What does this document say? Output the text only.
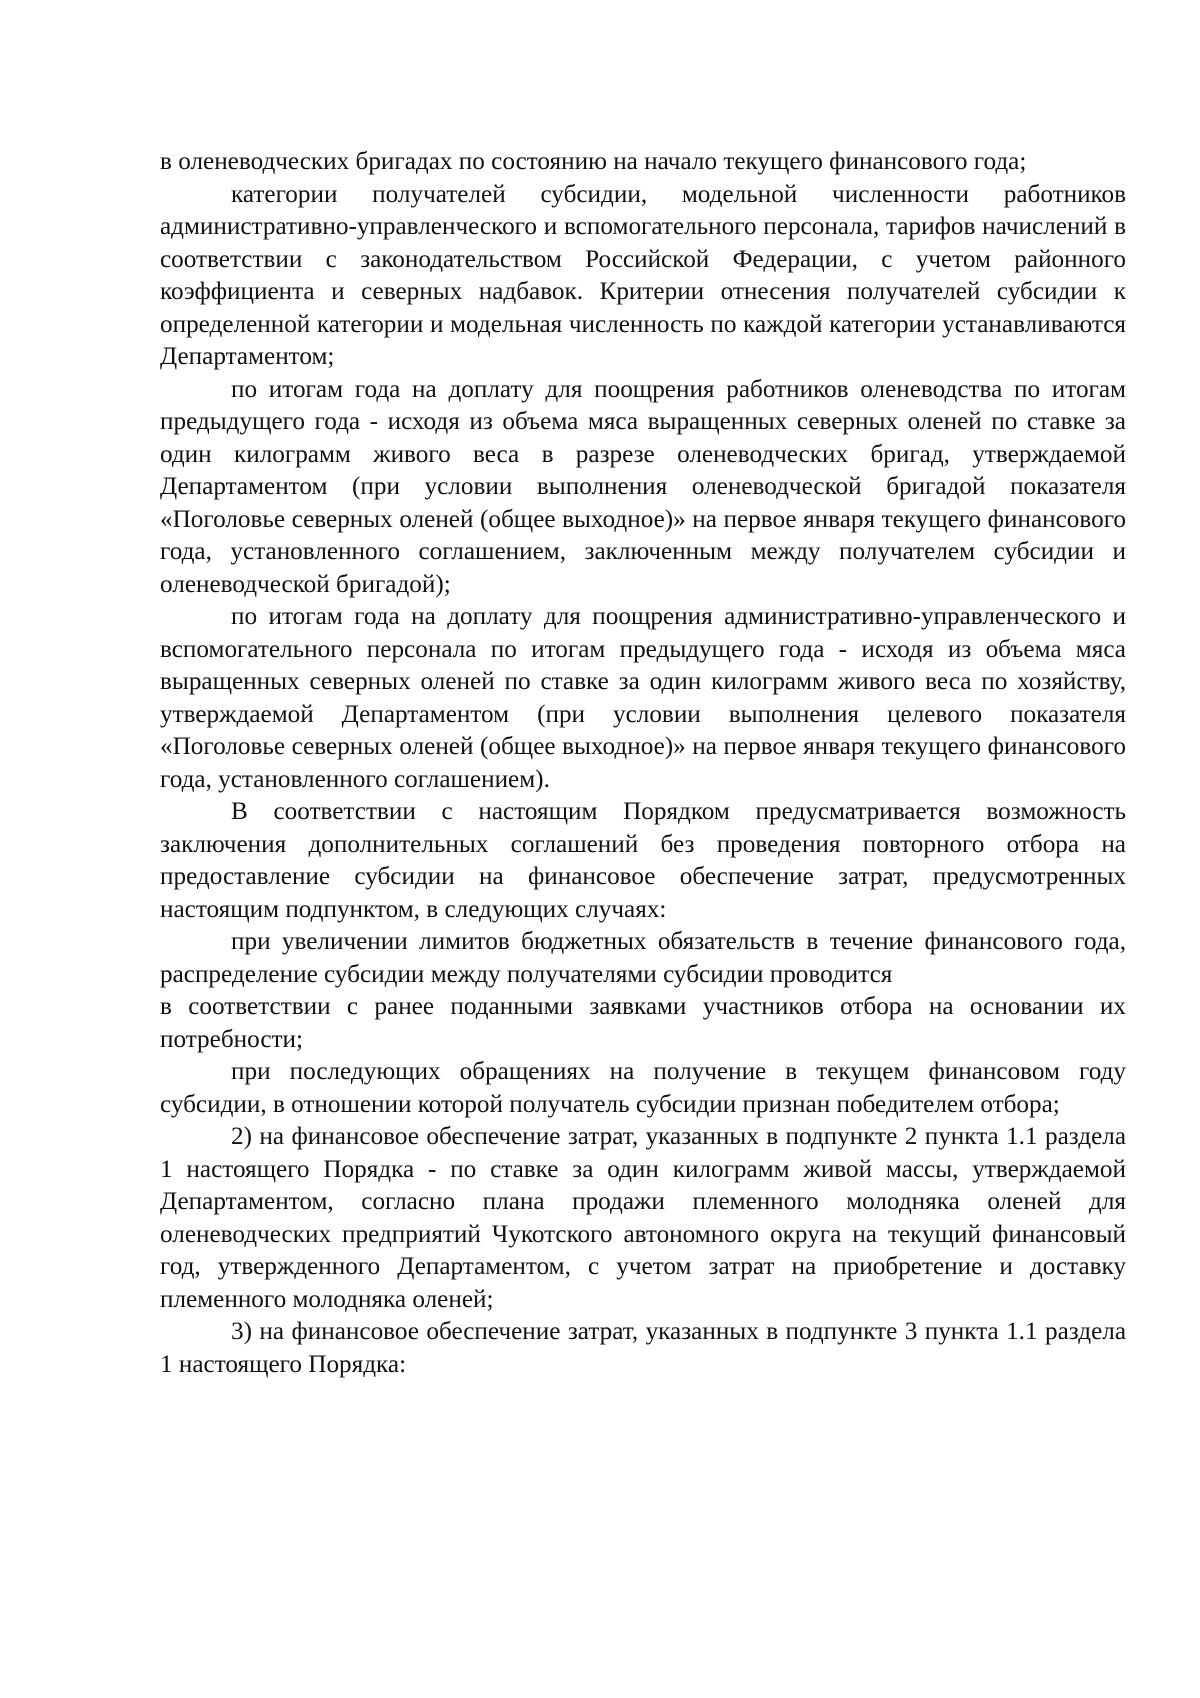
в оленеводческих бригадах по состоянию на начало текущего финансового года;

категории получателей субсидии, модельной численности работников административно-управленческого и вспомогательного персонала, тарифов начислений в соответствии с законодательством Российской Федерации, с учетом районного коэффициента и северных надбавок. Критерии отнесения получателей субсидии к определенной категории и модельная численность по каждой категории устанавливаются Департаментом;

по итогам года на доплату для поощрения работников оленеводства по итогам предыдущего года - исходя из объема мяса выращенных северных оленей по ставке за один килограмм живого веса в разрезе оленеводческих бригад, утверждаемой Департаментом (при условии выполнения оленеводческой бригадой показателя «Поголовье северных оленей (общее выходное)» на первое января текущего финансового года, установленного соглашением, заключенным между получателем субсидии и оленеводческой бригадой);

по итогам года на доплату для поощрения административно-управленческого и вспомогательного персонала по итогам предыдущего года - исходя из объема мяса выращенных северных оленей по ставке за один килограмм живого веса по хозяйству, утверждаемой Департаментом (при условии выполнения целевого показателя «Поголовье северных оленей (общее выходное)» на первое января текущего финансового года, установленного соглашением).

В соответствии с настоящим Порядком предусматривается возможность заключения дополнительных соглашений без проведения повторного отбора на предоставление субсидии на финансовое обеспечение затрат, предусмотренных настоящим подпунктом, в следующих случаях:

при увеличении лимитов бюджетных обязательств в течение финансового года, распределение субсидии между получателями субсидии проводится

в соответствии с ранее поданными заявками участников отбора на основании их потребности;

при последующих обращениях на получение в текущем финансовом году субсидии, в отношении которой получатель субсидии признан победителем отбора;

2) на финансовое обеспечение затрат, указанных в подпункте 2 пункта 1.1 раздела 1 настоящего Порядка - по ставке за один килограмм живой массы, утверждаемой Департаментом, согласно плана продажи племенного молодняка оленей для оленеводческих предприятий Чукотского автономного округа на текущий финансовый год, утвержденного Департаментом, с учетом затрат на приобретение и доставку племенного молодняка оленей;

3) на финансовое обеспечение затрат, указанных в подпункте 3 пункта 1.1 раздела 1 настоящего Порядка:
